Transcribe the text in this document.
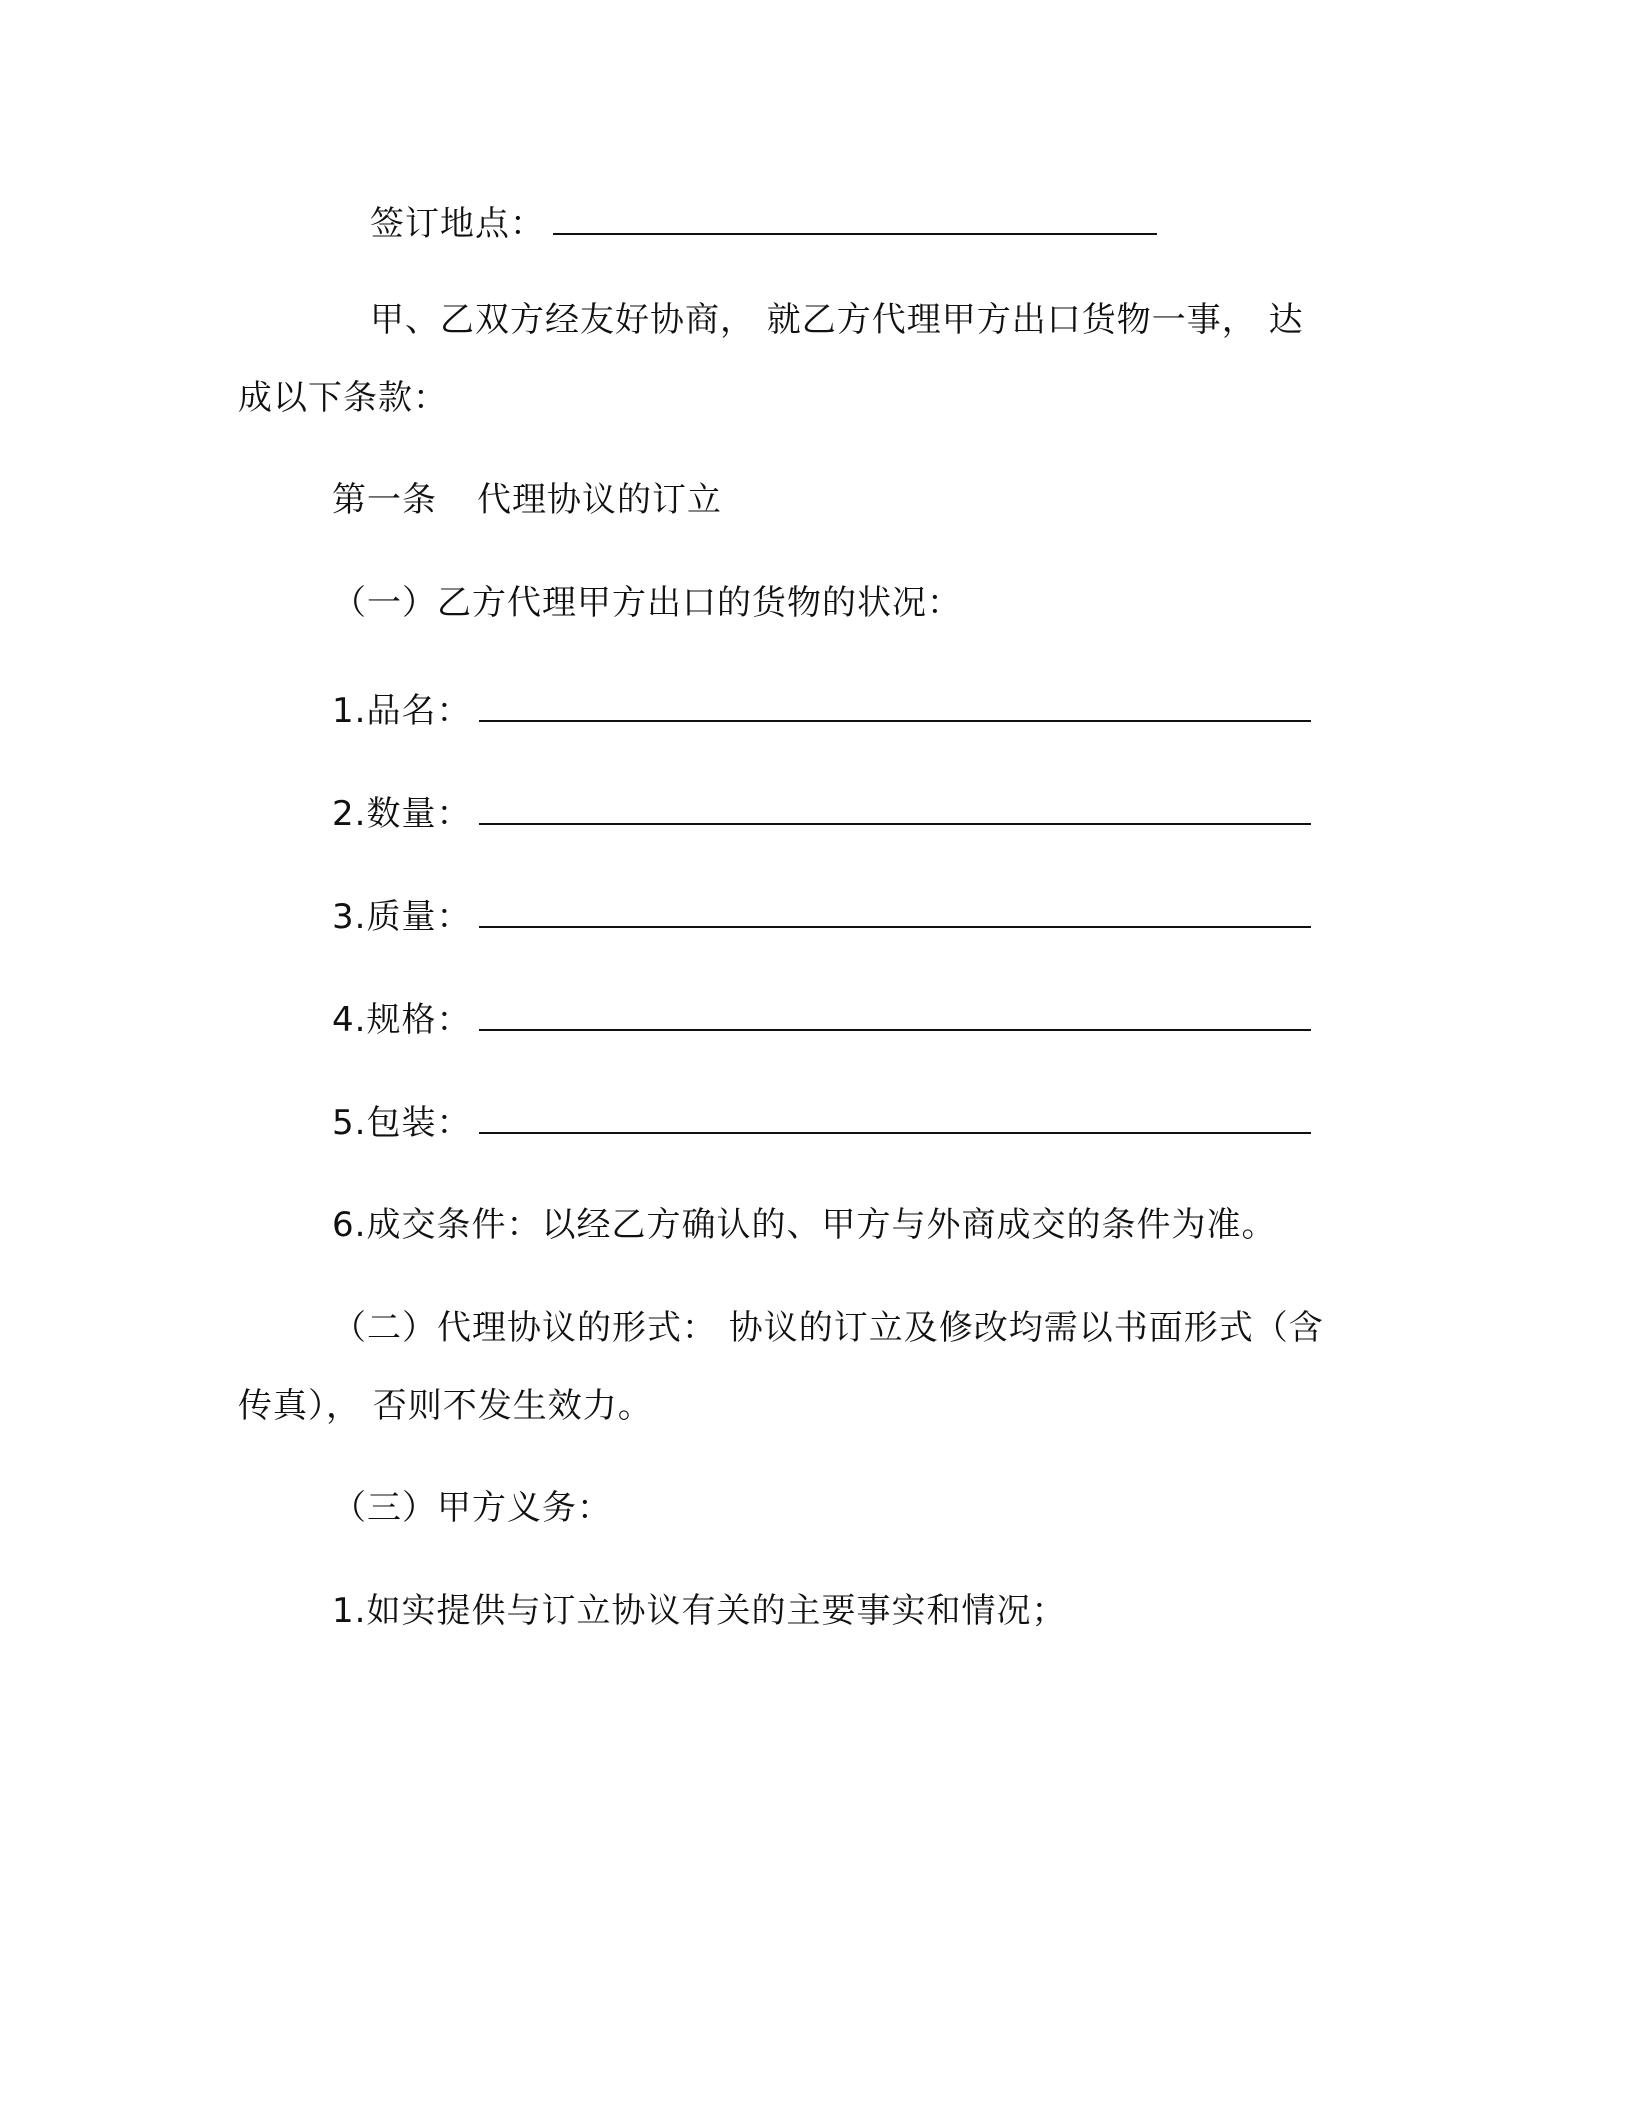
签订地点：
甲、乙双方经友好协商， 就乙方代理甲方出口货物一事， 达
成以下条款：
第一条 代理协议的订立
（一）乙方代理甲方出口的货物的状况：
1.品名：
2.数量：
3.质量：
4.规格：
5.包装：
6.成交条件：以经乙方确认的、甲方与外商成交的条件为准。
（二）代理协议的形式： 协议的订立及修改均需以书面形式（含
传真）， 否则不发生效力。
（三）甲方义务：
1.如实提供与订立协议有关的主要事实和情况；
